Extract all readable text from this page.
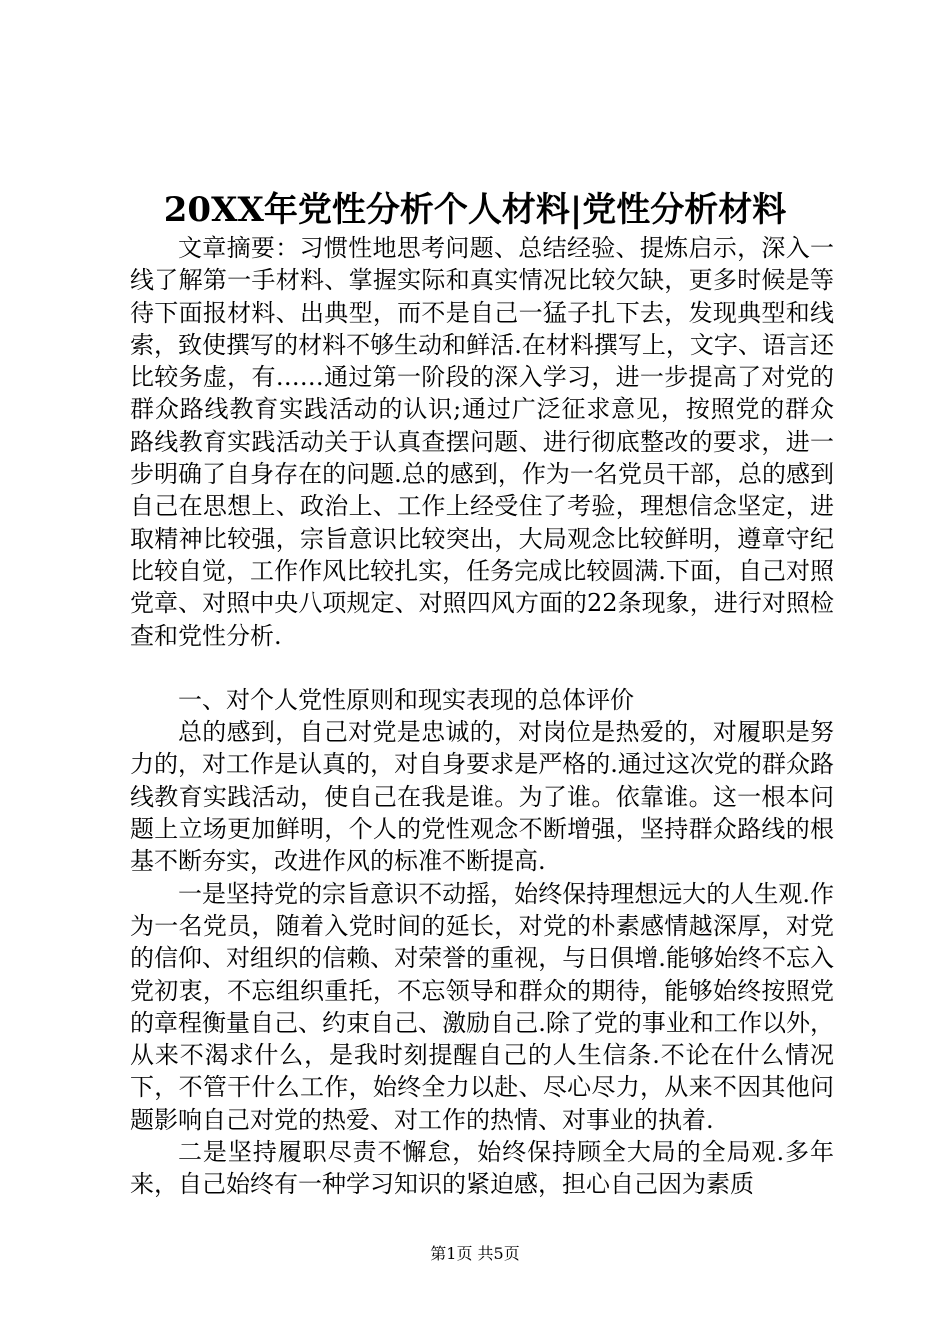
20XX年党性分析个人材料|党性分析材料

文章摘要：习惯性地思考问题、总结经验、提炼启示，深入一线了解第一手材料、掌握实际和真实情况比较欠缺，更多时候是等待下面报材料、出典型，而不是自己一猛子扎下去，发现典型和线索，致使撰写的材料不够生动和鲜活.在材料撰写上，文字、语言还比较务虚，有……通过第一阶段的深入学习，进一步提高了对党的群众路线教育实践活动的认识;通过广泛征求意见，按照党的群众路线教育实践活动关于认真查摆问题、进行彻底整改的要求，进一步明确了自身存在的问题.总的感到，作为一名党员干部，总的感到自己在思想上、政治上、工作上经受住了考验，理想信念坚定，进取精神比较强，宗旨意识比较突出，大局观念比较鲜明，遵章守纪比较自觉，工作作风比较扎实，任务完成比较圆满.下面，自己对照党章、对照中央八项规定、对照四风方面的22条现象，进行对照检查和党性分析.

一、对个人党性原则和现实表现的总体评价

总的感到，自己对党是忠诚的，对岗位是热爱的，对履职是努力的，对工作是认真的，对自身要求是严格的.通过这次党的群众路线教育实践活动，使自己在我是谁。为了谁。依靠谁。这一根本问题上立场更加鲜明，个人的党性观念不断增强，坚持群众路线的根基不断夯实，改进作风的标准不断提高.

一是坚持党的宗旨意识不动摇，始终保持理想远大的人生观.作为一名党员，随着入党时间的延长，对党的朴素感情越深厚，对党的信仰、对组织的信赖、对荣誉的重视，与日俱增.能够始终不忘入党初衷，不忘组织重托，不忘领导和群众的期待，能够始终按照党的章程衡量自己、约束自己、激励自己.除了党的事业和工作以外，从来不渴求什么，是我时刻提醒自己的人生信条.不论在什么情况下，不管干什么工作，始终全力以赴、尽心尽力，从来不因其他问题影响自己对党的热爱、对工作的热情、对事业的执着.

二是坚持履职尽责不懈怠，始终保持顾全大局的全局观.多年来，自己始终有一种学习知识的紧迫感，担心自己因为素质

第1页 共5页
